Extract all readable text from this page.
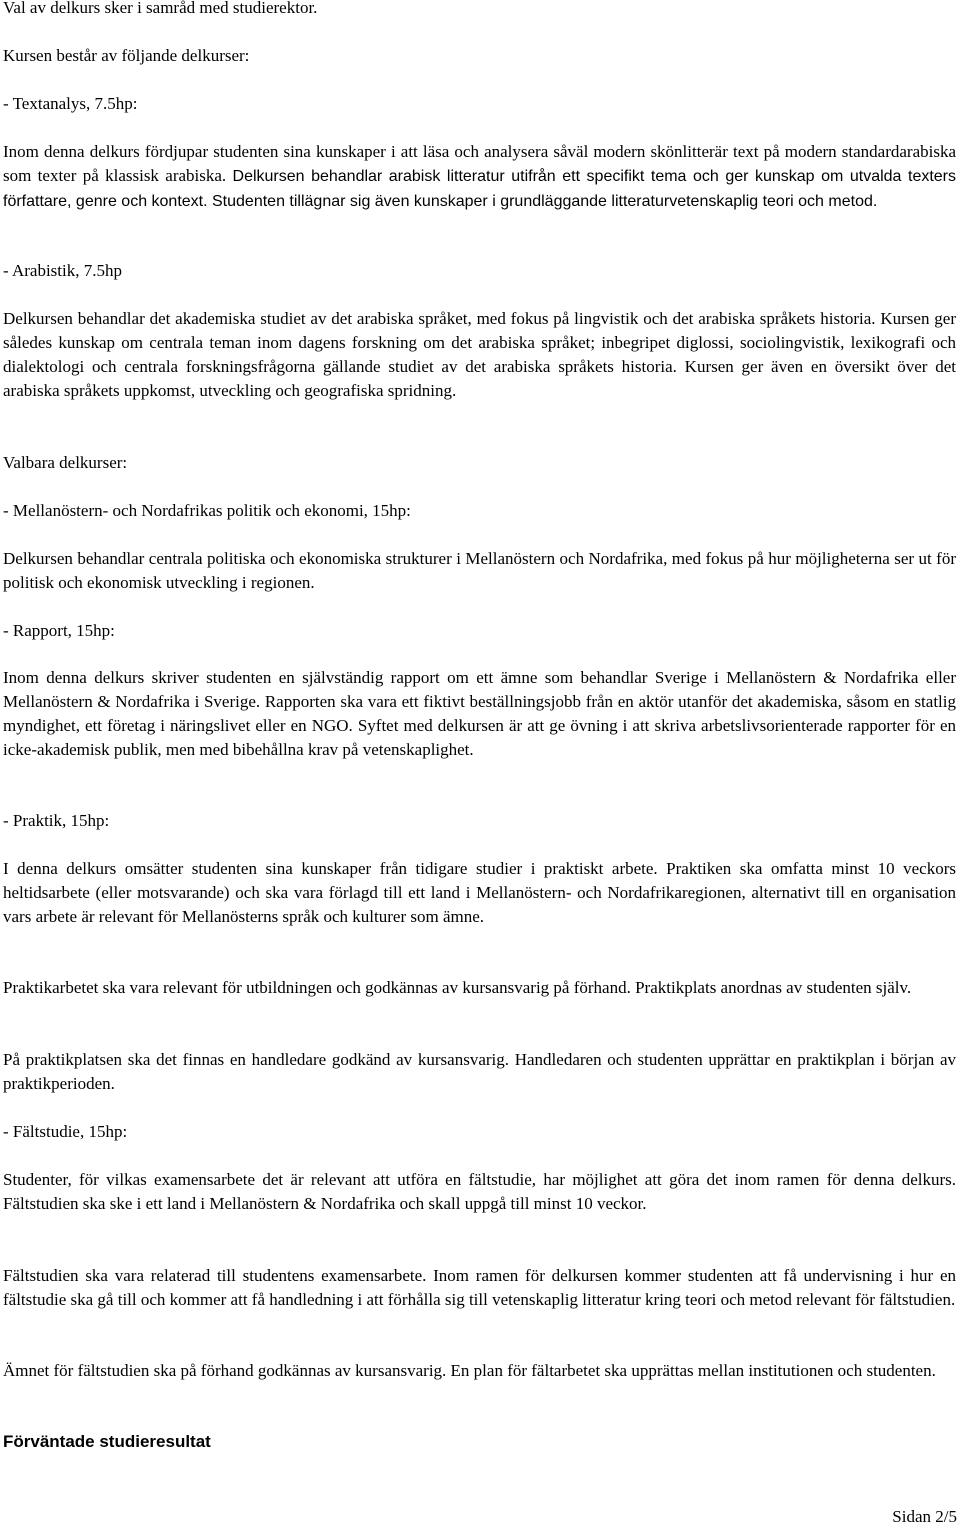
Val av delkurs sker i samråd med studierektor.

Kursen består av följande delkurser:

- Textanalys, 7.5hp:

Inom denna delkurs fördjupar studenten sina kunskaper i att läsa och analysera såväl modern skönlitterär text på modern standardarabiska som texter på klassisk arabiska. Delkursen behandlar arabisk litteratur utifrån ett specifikt tema och ger kunskap om utvalda texters författare, genre och kontext. Studenten tillägnar sig även kunskaper i grundläggande litteraturvetenskaplig teori och metod.

- Arabistik, 7.5hp

Delkursen behandlar det akademiska studiet av det arabiska språket, med fokus på lingvistik och det arabiska språkets historia. Kursen ger således kunskap om centrala teman inom dagens forskning om det arabiska språket; inbegripet diglossi, sociolingvistik, lexikografi och dialektologi och centrala forskningsfrågorna gällande studiet av det arabiska språkets historia. Kursen ger även en översikt över det arabiska språkets uppkomst, utveckling och geografiska spridning.

Valbara delkurser:

- Mellanöstern- och Nordafrikas politik och ekonomi, 15hp:

Delkursen behandlar centrala politiska och ekonomiska strukturer i Mellanöstern och Nordafrika, med fokus på hur möjligheterna ser ut för politisk och ekonomisk utveckling i regionen.

- Rapport, 15hp:

Inom denna delkurs skriver studenten en självständig rapport om ett ämne som behandlar Sverige i Mellanöstern & Nordafrika eller Mellanöstern & Nordafrika i Sverige. Rapporten ska vara ett fiktivt beställningsjobb från en aktör utanför det akademiska, såsom en statlig myndighet, ett företag i näringslivet eller en NGO. Syftet med delkursen är att ge övning i att skriva arbetslivsorienterade rapporter för en icke-akademisk publik, men med bibehållna krav på vetenskaplighet.

- Praktik, 15hp:

I denna delkurs omsätter studenten sina kunskaper från tidigare studier i praktiskt arbete. Praktiken ska omfatta minst 10 veckors heltidsarbete (eller motsvarande) och ska vara förlagd till ett land i Mellanöstern- och Nordafrikaregionen, alternativt till en organisation vars arbete är relevant för Mellanösterns språk och kulturer som ämne.

Praktikarbetet ska vara relevant för utbildningen och godkännas av kursansvarig på förhand. Praktikplats anordnas av studenten själv.

På praktikplatsen ska det finnas en handledare godkänd av kursansvarig. Handledaren och studenten upprättar en praktikplan i början av praktikperioden.

- Fältstudie, 15hp:

Studenter, för vilkas examensarbete det är relevant att utföra en fältstudie, har möjlighet att göra det inom ramen för denna delkurs. Fältstudien ska ske i ett land i Mellanöstern & Nordafrika och skall uppgå till minst 10 veckor.

Fältstudien ska vara relaterad till studentens examensarbete. Inom ramen för delkursen kommer studenten att få undervisning i hur en fältstudie ska gå till och kommer att få handledning i att förhålla sig till vetenskaplig litteratur kring teori och metod relevant för fältstudien.

Ämnet för fältstudien ska på förhand godkännas av kursansvarig. En plan för fältarbetet ska upprättas mellan institutionen och studenten.

Förväntade studieresultat

Sidan 2/5
